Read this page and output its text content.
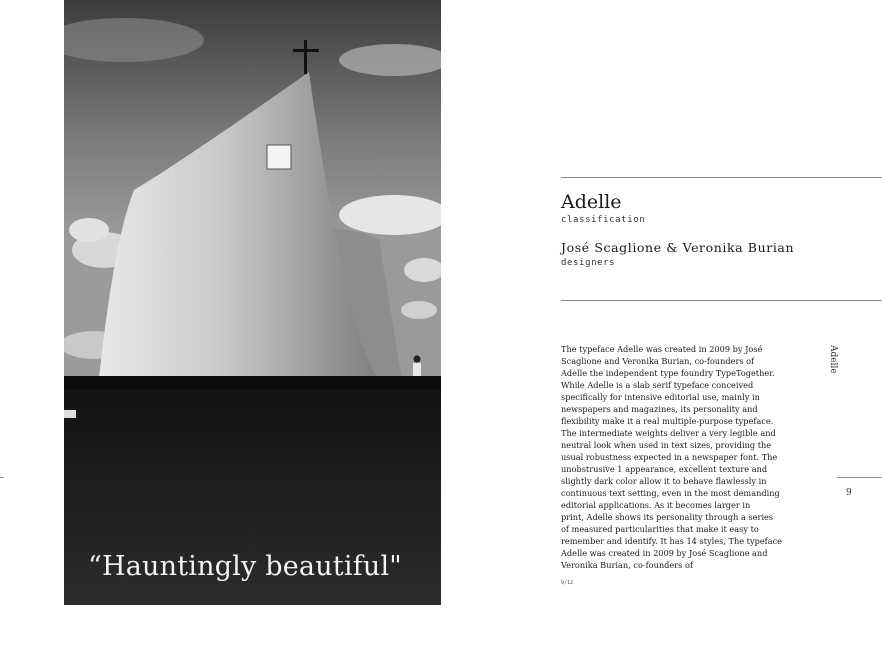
“Hauntingly beautiful"
Adelle
classification
José Scaglione & Veronika Burian
designers

The typeface Adelle was created in 2009 by José

Scaglione and Veronika Burian, co-founders of

Adelle the independent type foundry TypeTogether.

While Adelle is a slab serif typeface conceived

specifically for intensive editorial use, mainly in

newspapers and magazines, its personality and

flexibility make it a real multiple-purpose typeface.

The intermediate weights deliver a very legible and

neutral look when used in text sizes, providing the

usual robustness expected in a newspaper font. The

unobstrusive 1 appearance, excellent texture and

slightly dark color allow it to behave flawlessly in

continuous text setting, even in the most demanding

editorial applications. As it becomes larger in

print, Adelle shows its personality through a series

of measured particularities that make it easy to

remember and identify. It has 14 styles, The typeface

Adelle was created in 2009 by José Scaglione and

Veronika Burian, co-founders of

9/12
Adelle
9
